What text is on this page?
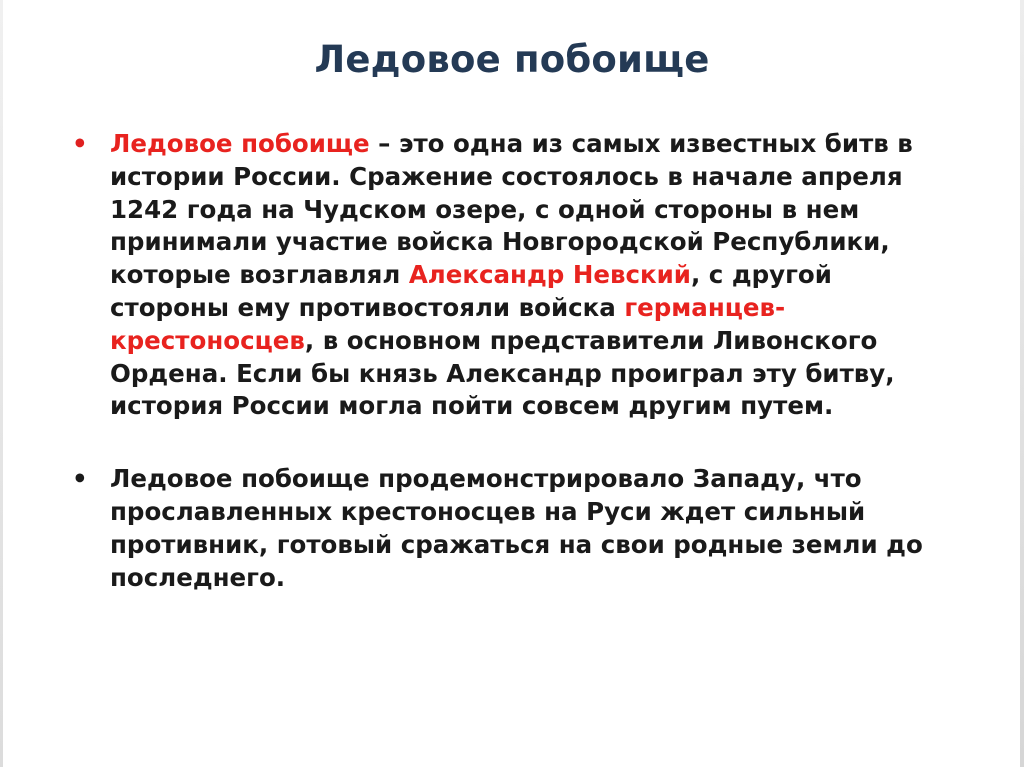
Ледовое побоище
• Ледовое побоище – это одна из самых известных битв в истории России. Сражение состоялось в начале апреля 1242 года на Чудском озере, с одной стороны в нем принимали участие войска Новгородской Республики, которые возглавлял Александр Невский, с другой стороны ему противостояли войска германцев-крестоносцев, в основном представители Ливонского Ордена. Если бы князь Александр проиграл эту битву, история России могла пойти совсем другим путем.
• Ледовое побоище продемонстрировало Западу, что прославленных крестоносцев на Руси ждет сильный противник, готовый сражаться на свои родные земли до последнего.
